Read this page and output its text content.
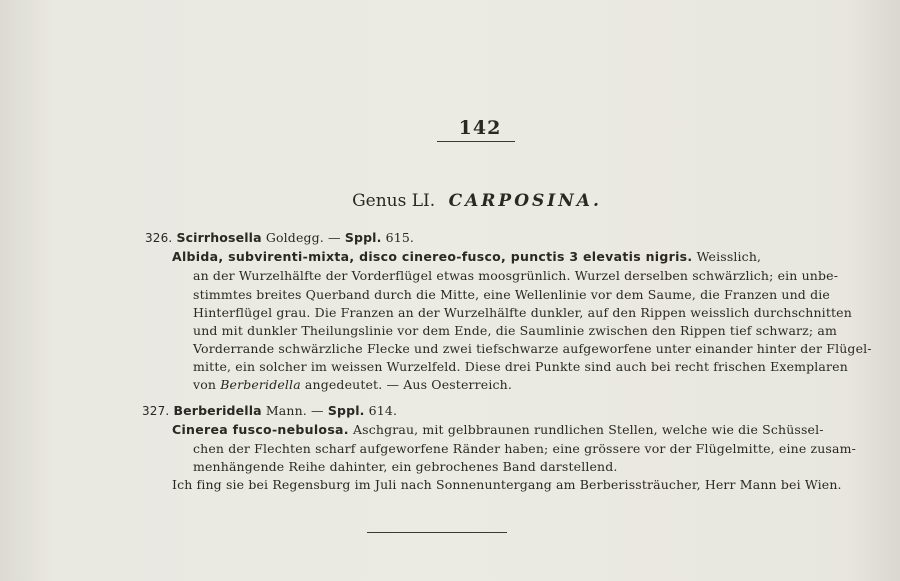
142
Genus LI. CARPOSINA.
326. Scirrhosella Goldegg. — Sppl. 615.
Albida, subvirenti-mixta, disco cinereo-fusco, punctis 3 elevatis nigris. Weisslich,
an der Wurzelhälfte der Vorderflügel etwas moosgrünlich. Wurzel derselben schwärzlich; ein unbe-
stimmtes breites Querband durch die Mitte, eine Wellenlinie vor dem Saume, die Franzen und die
Hinterflügel grau. Die Franzen an der Wurzelhälfte dunkler, auf den Rippen weisslich durchschnitten
und mit dunkler Theilungslinie vor dem Ende, die Saumlinie zwischen den Rippen tief schwarz; am
Vorderrande schwärzliche Flecke und zwei tiefschwarze aufgeworfene unter einander hinter der Flügel-
mitte, ein solcher im weissen Wurzelfeld. Diese drei Punkte sind auch bei recht frischen Exemplaren
von Berberidella angedeutet. — Aus Oesterreich.
327. Berberidella Mann. — Sppl. 614.
Cinerea fusco-nebulosa. Aschgrau, mit gelbbraunen rundlichen Stellen, welche wie die Schüssel-
chen der Flechten scharf aufgeworfene Ränder haben; eine grössere vor der Flügelmitte, eine zusam-
menhängende Reihe dahinter, ein gebrochenes Band darstellend.
Ich fing sie bei Regensburg im Juli nach Sonnenuntergang am Berberissträucher, Herr Mann bei Wien.
